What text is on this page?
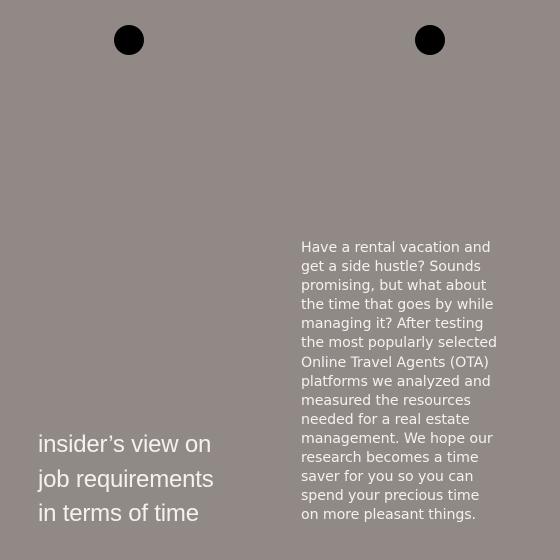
insider’s view on
job requirements
in terms of time

Have a rental vacation and
get a side hustle? Sounds
promising, but what about
the time that goes by while
managing it? After testing
the most popularly selected
Online Travel Agents (OTA)
platforms we analyzed and
measured the resources
needed for a real estate
management. We hope our
research becomes a time
saver for you so you can
spend your precious time
on more pleasant things.
